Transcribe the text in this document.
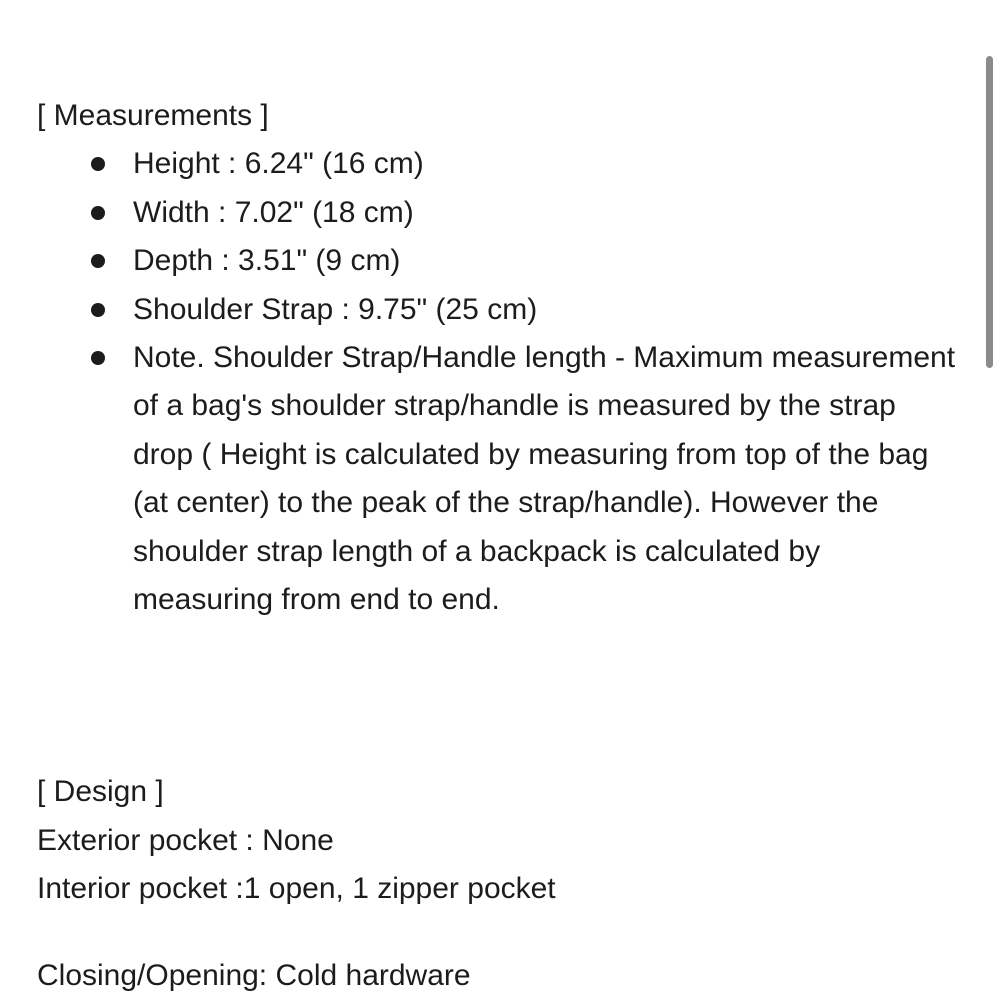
[ Measurements ]

Height : 6.24" (16 cm)
Width : 7.02" (18 cm)
Depth : 3.51" (9 cm)
Shoulder Strap : 9.75" (25 cm)
Note. Shoulder Strap/Handle length - Maximum measurement of a bag's shoulder strap/handle is measured by the strap drop ( Height is calculated by measuring from top of the bag (at center) to the peak of the strap/handle). However the shoulder strap length of a backpack is calculated by measuring from end to end.

[ Design ]

Exterior pocket : None

Interior pocket :1 open, 1 zipper pocket

Closing/Opening: Cold hardware
